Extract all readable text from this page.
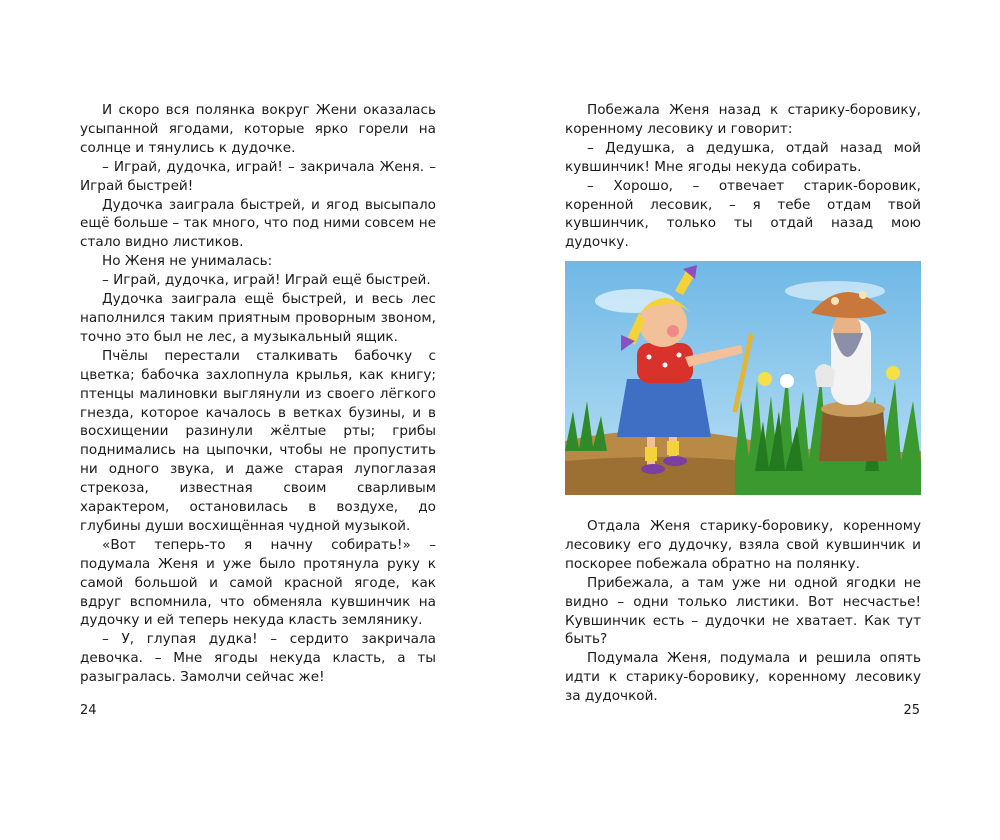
И скоро вся полянка вокруг Жени оказалась усыпанной ягодами, которые ярко горели на солнце и тянулись к дудочке.

– Играй, дудочка, играй! – закричала Женя. – Играй быстрей!

Дудочка заиграла быстрей, и ягод высыпало ещё больше – так много, что под ними совсем не стало видно листиков.

Но Женя не унималась:

– Играй, дудочка, играй! Играй ещё быстрей.

Дудочка заиграла ещё быстрей, и весь лес наполнился таким приятным проворным звоном, точно это был не лес, а музыкальный ящик.

Пчёлы перестали сталкивать бабочку с цветка; бабочка захлопнула крылья, как книгу; птенцы малиновки выглянули из своего лёгкого гнезда, которое качалось в ветках бузины, и в восхищении разинули жёлтые рты; грибы поднимались на цыпочки, чтобы не пропустить ни одного звука, и даже старая лупоглазая стрекоза, известная своим сварливым характером, остановилась в воздухе, до глубины души восхищённая чудной музыкой.

«Вот теперь-то я начну собирать!» – подумала Женя и уже было протянула руку к самой большой и самой красной ягоде, как вдруг вспомнила, что обменяла кувшинчик на дудочку и ей теперь некуда класть землянику.

– У, глупая дудка! – сердито закричала девочка. – Мне ягоды некуда класть, а ты разыгралась. Замолчи сейчас же!

24

Побежала Женя назад к старику-боровику, коренному лесовику и говорит:

– Дедушка, а дедушка, отдай назад мой кувшинчик! Мне ягоды некуда собирать.

– Хорошо, – отвечает старик-боровик, коренной лесовик, – я тебе отдам твой кувшинчик, только ты отдай назад мою дудочку.

Отдала Женя старику-боровику, коренному лесовику его дудочку, взяла свой кувшинчик и поскорее побежала обратно на полянку.

Прибежала, а там уже ни одной ягодки не видно – одни только листики. Вот несчастье! Кувшинчик есть – дудочки не хватает. Как тут быть?

Подумала Женя, подумала и решила опять идти к старику-боровику, коренному лесовику за дудочкой.

25
